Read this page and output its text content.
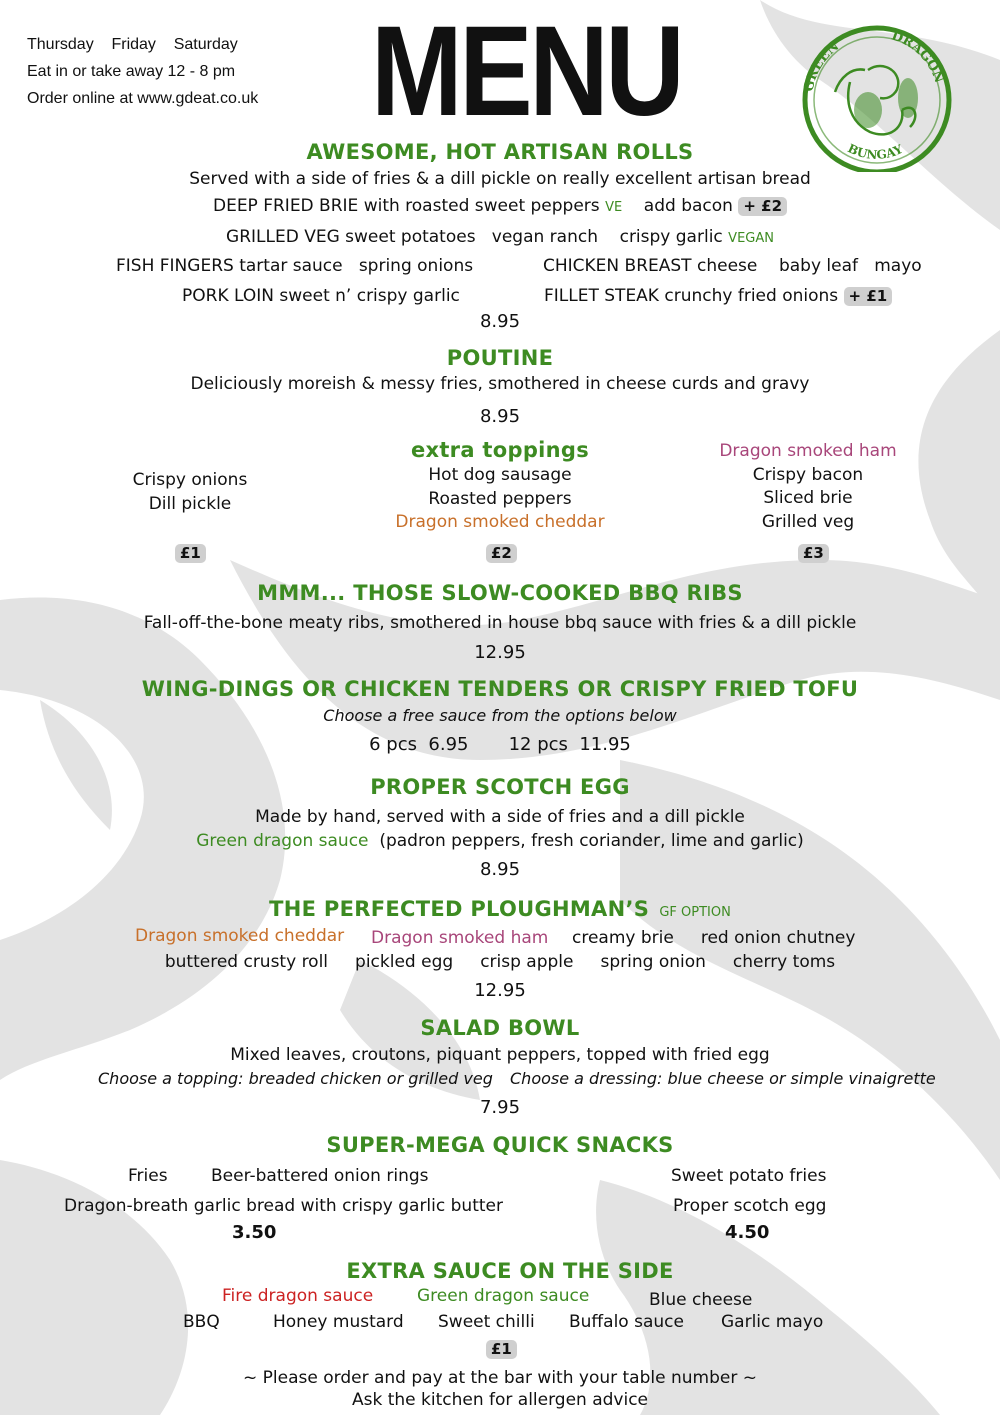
Thursday    Friday    Saturday
Eat in or take away 12 - 8 pm
Order online at www.gdeat.co.uk MENU	GREEN
DRAGON
BUNGAY
AWESOME, HOT ARTISAN ROLLS
Served with a side of fries & a dill pickle on really excellent artisan bread
DEEP FRIED BRIE with roasted sweet peppers VE add bacon + £2
GRILLED VEG sweet potatoes   vegan ranch    crispy garlic VEGAN
FISH FINGERS tartar sauce   spring onions	CHICKEN BREAST cheese    baby leaf   mayo
PORK LOIN sweet n’ crispy garlic	FILLET STEAK crunchy fried onions + £1
8.95
POUTINE
Deliciously moreish & messy fries, smothered in cheese curds and gravy
8.95
extra toppings
Crispy onions
Dill pickle
£1
Hot dog sausage
Roasted peppers
Dragon smoked cheddar
£2
Dragon smoked ham
Crispy bacon
Sliced brie
Grilled veg
£3
MMM... THOSE SLOW-COOKED BBQ RIBS
Fall-off-the-bone meaty ribs, smothered in house bbq sauce with fries & a dill pickle
12.95
WING-DINGS OR CHICKEN TENDERS OR CRISPY FRIED TOFU
Choose a free sauce from the options below
6 pcs  6.95 12 pcs  11.95
PROPER SCOTCH EGG
Made by hand, served with a side of fries and a dill pickle
Green dragon sauce (padron peppers, fresh coriander, lime and garlic)
8.95
THE PERFECTED PLOUGHMAN’S GF OPTION
Dragon smoked cheddar Dragon smoked ham creamy brie     red onion chutney
buttered crusty roll     pickled egg     crisp apple     spring onion     cherry toms
12.95
SALAD BOWL
Mixed leaves, croutons, piquant peppers, topped with fried egg
Choose a topping: breaded chicken or grilled veg Choose a dressing: blue cheese or simple vinaigrette
7.95
SUPER-MEGA QUICK SNACKS
Fries	Beer-battered onion rings
Dragon-breath garlic bread with crispy garlic butter
3.50
Sweet potato fries
Proper scotch egg
4.50
EXTRA SAUCE ON THE SIDE
Fire dragon sauce	Green dragon sauce	Blue cheese
BBQ	Honey mustard Sweet chilli Buffalo sauce Garlic mayo
£1
~ Please order and pay at the bar with your table number ~
Ask the kitchen for allergen advice
